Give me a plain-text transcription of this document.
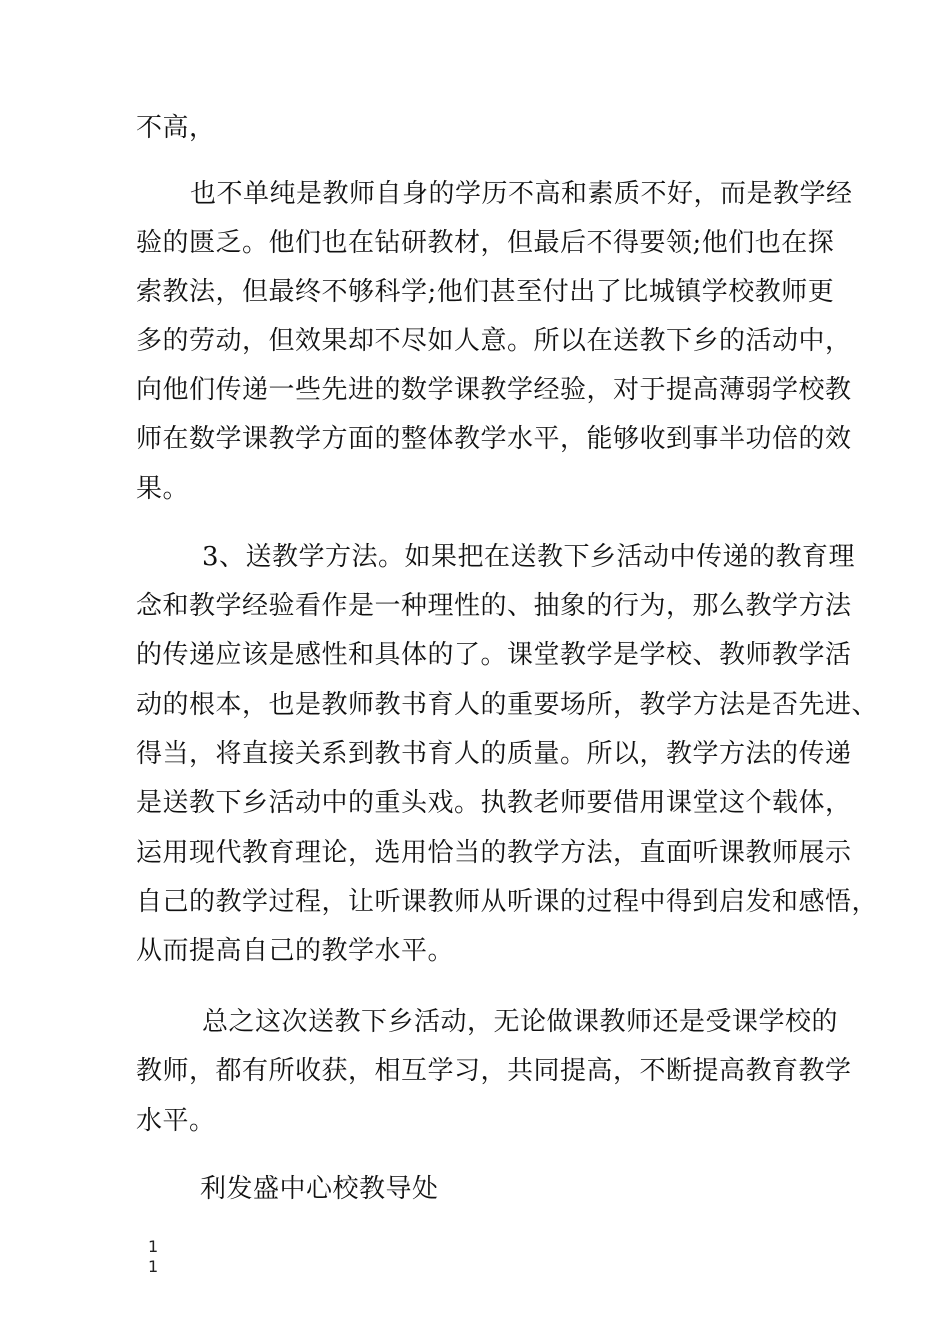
不高，
也不单纯是教师自身的学历不高和素质不好，而是教学经
验的匮乏。他们也在钻研教材，但最后不得要领;他们也在探
索教法，但最终不够科学;他们甚至付出了比城镇学校教师更
多的劳动，但效果却不尽如人意。所以在送教下乡的活动中，
向他们传递一些先进的数学课教学经验，对于提高薄弱学校教
师在数学课教学方面的整体教学水平，能够收到事半功倍的效
果。
3、送教学方法。如果把在送教下乡活动中传递的教育理
念和教学经验看作是一种理性的、抽象的行为，那么教学方法
的传递应该是感性和具体的了。课堂教学是学校、教师教学活
动的根本，也是教师教书育人的重要场所，教学方法是否先进、
得当，将直接关系到教书育人的质量。所以，教学方法的传递
是送教下乡活动中的重头戏。执教老师要借用课堂这个载体，
运用现代教育理论，选用恰当的教学方法，直面听课教师展示
自己的教学过程，让听课教师从听课的过程中得到启发和感悟，
从而提高自己的教学水平。
总之这次送教下乡活动，无论做课教师还是受课学校的
教师，都有所收获，相互学习，共同提高，不断提高教育教学
水平。
利发盛中心校教导处
1
1
